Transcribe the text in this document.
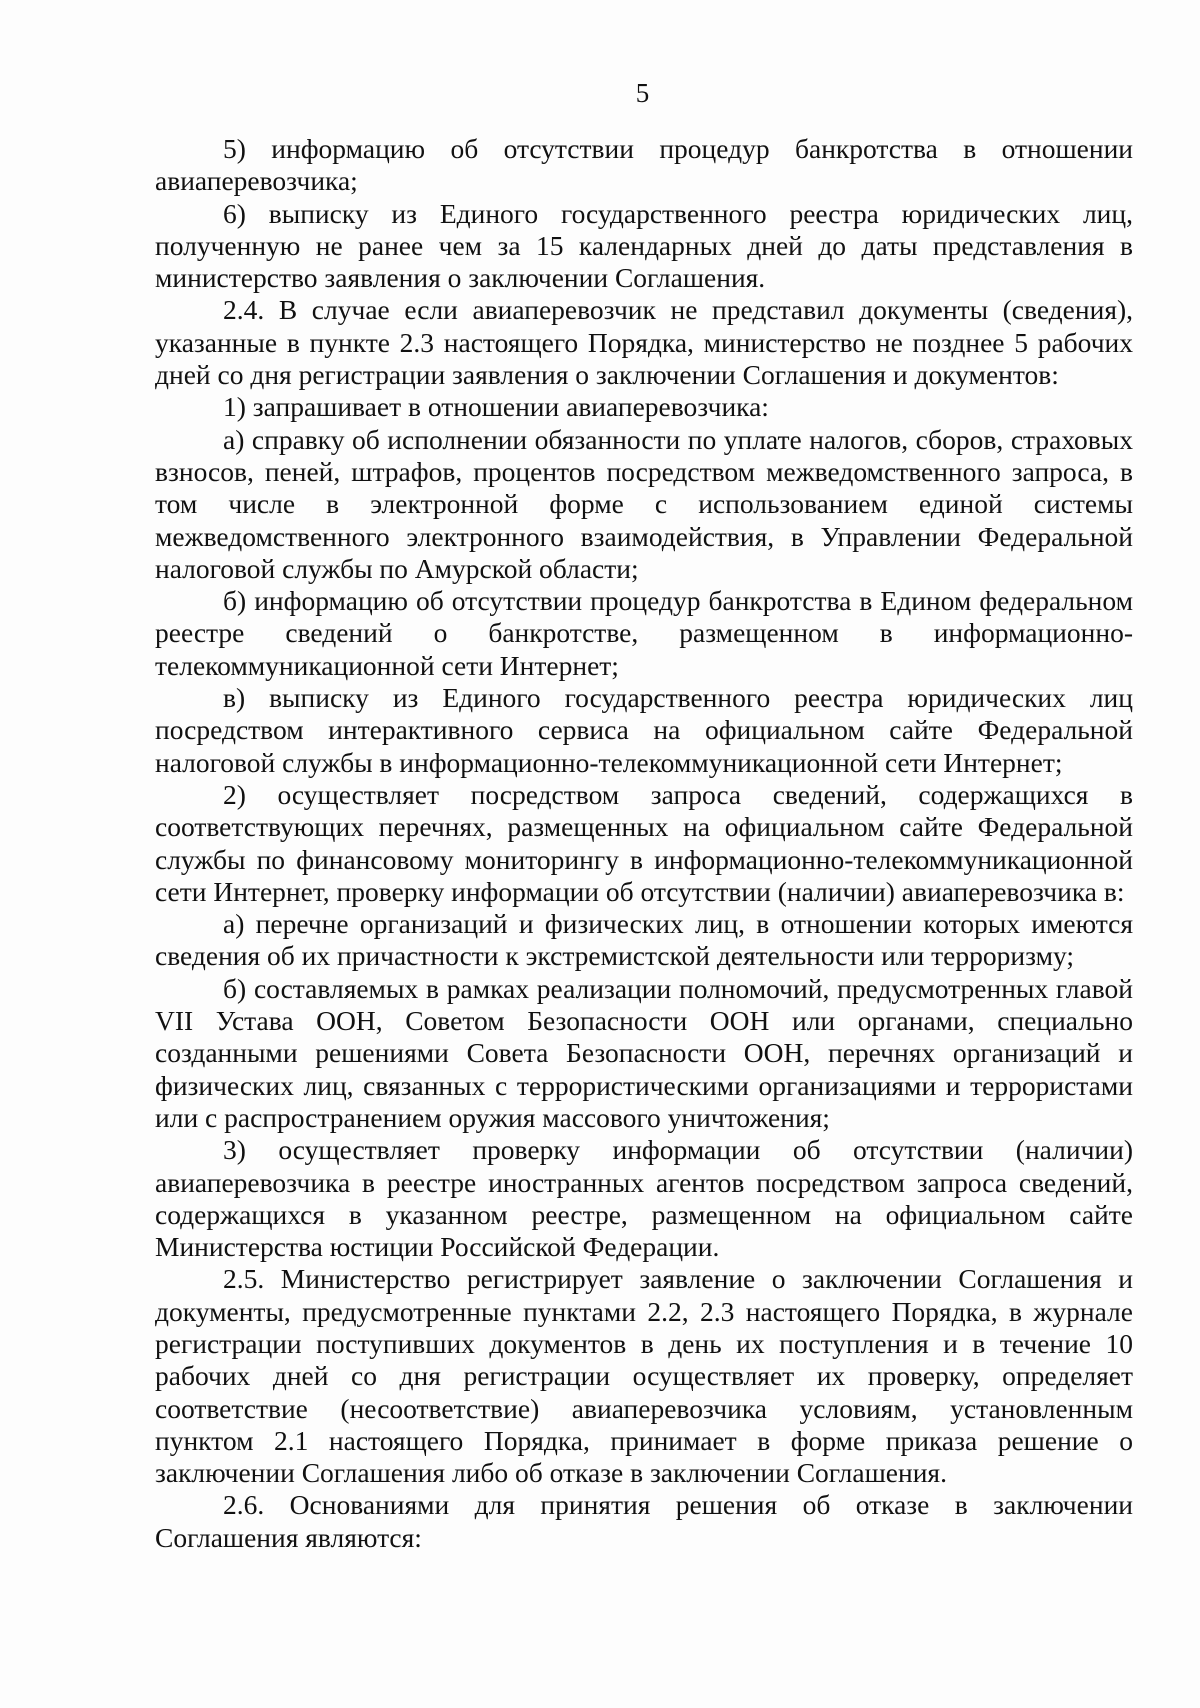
5

5) информацию об отсутствии процедур банкротства в отношении авиаперевозчика;

6) выписку из Единого государственного реестра юридических лиц, полученную не ранее чем за 15 календарных дней до даты представления в министерство заявления о заключении Соглашения.

2.4. В случае если авиаперевозчик не представил документы (сведения), указанные в пункте 2.3 настоящего Порядка, министерство не позднее 5 рабочих дней со дня регистрации заявления о заключении Соглашения и документов:

1) запрашивает в отношении авиаперевозчика:

а) справку об исполнении обязанности по уплате налогов, сборов, страховых взносов, пеней, штрафов, процентов посредством межведомственного запроса, в том числе в электронной форме с использованием единой системы межведомственного электронного взаимодействия, в Управлении Федеральной налоговой службы по Амурской области;

б) информацию об отсутствии процедур банкротства в Едином федеральном реестре сведений о банкротстве, размещенном в информационно-телекоммуникационной сети Интернет;

в) выписку из Единого государственного реестра юридических лиц посредством интерактивного сервиса на официальном сайте Федеральной налоговой службы в информационно-телекоммуникационной сети Интернет;

2) осуществляет посредством запроса сведений, содержащихся в соответствующих перечнях, размещенных на официальном сайте Федеральной службы по финансовому мониторингу в информационно-телекоммуникационной сети Интернет, проверку информации об отсутствии (наличии) авиаперевозчика в:

а) перечне организаций и физических лиц, в отношении которых имеются сведения об их причастности к экстремистской деятельности или терроризму;

б) составляемых в рамках реализации полномочий, предусмотренных главой VII Устава ООН, Советом Безопасности ООН или органами, специально созданными решениями Совета Безопасности ООН, перечнях организаций и физических лиц, связанных с террористическими организациями и террористами или с распространением оружия массового уничтожения;

3) осуществляет проверку информации об отсутствии (наличии) авиаперевозчика в реестре иностранных агентов посредством запроса сведений, содержащихся в указанном реестре, размещенном на официальном сайте Министерства юстиции Российской Федерации.

2.5. Министерство регистрирует заявление о заключении Соглашения и документы, предусмотренные пунктами 2.2, 2.3 настоящего Порядка, в журнале регистрации поступивших документов в день их поступления и в течение 10 рабочих дней со дня регистрации осуществляет их проверку, определяет соответствие (несоответствие) авиаперевозчика условиям, установленным пунктом 2.1 настоящего Порядка, принимает в форме приказа решение о заключении Соглашения либо об отказе в заключении Соглашения.

2.6. Основаниями для принятия решения об отказе в заключении Соглашения являются:
